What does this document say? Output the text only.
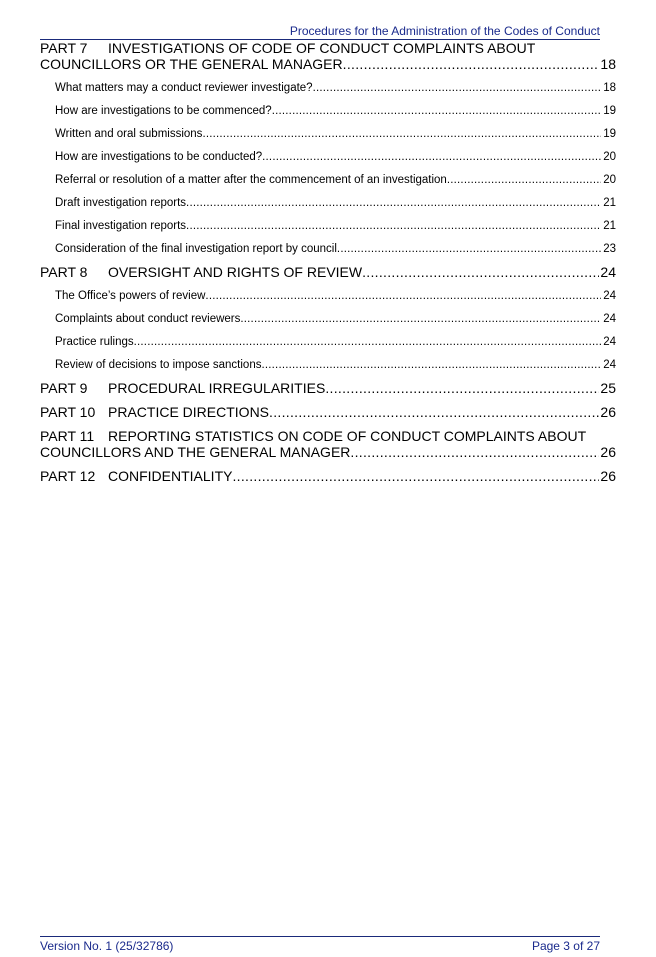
Procedures for the Administration of the Codes of Conduct
PART 7	INVESTIGATIONS OF CODE OF CONDUCT COMPLAINTS ABOUT
COUNCILLORS OR THE GENERAL MANAGER .....	18
What matters may a conduct reviewer investigate? .....	18
How are investigations to be commenced? .....	19
Written and oral submissions .....	19
How are investigations to be conducted? .....	20
Referral or resolution of a matter after the commencement of an investigation .....	20
Draft investigation reports .....	21
Final investigation reports .....	21
Consideration of the final investigation report by council .....	23
PART 8	OVERSIGHT AND RIGHTS OF REVIEW .....	24
The Office’s powers of review .....	24
Complaints about conduct reviewers .....	24
Practice rulings .....	24
Review of decisions to impose sanctions .....	24
PART 9	PROCEDURAL IRREGULARITIES .....	25
PART 10 PRACTICE DIRECTIONS .....	26
PART 11 REPORTING STATISTICS ON CODE OF CONDUCT COMPLAINTS ABOUT
COUNCILLORS AND THE GENERAL MANAGER .....	26
PART 12 CONFIDENTIALITY .....	26
Version No. 1 (25/32786)	Page 3 of 27
